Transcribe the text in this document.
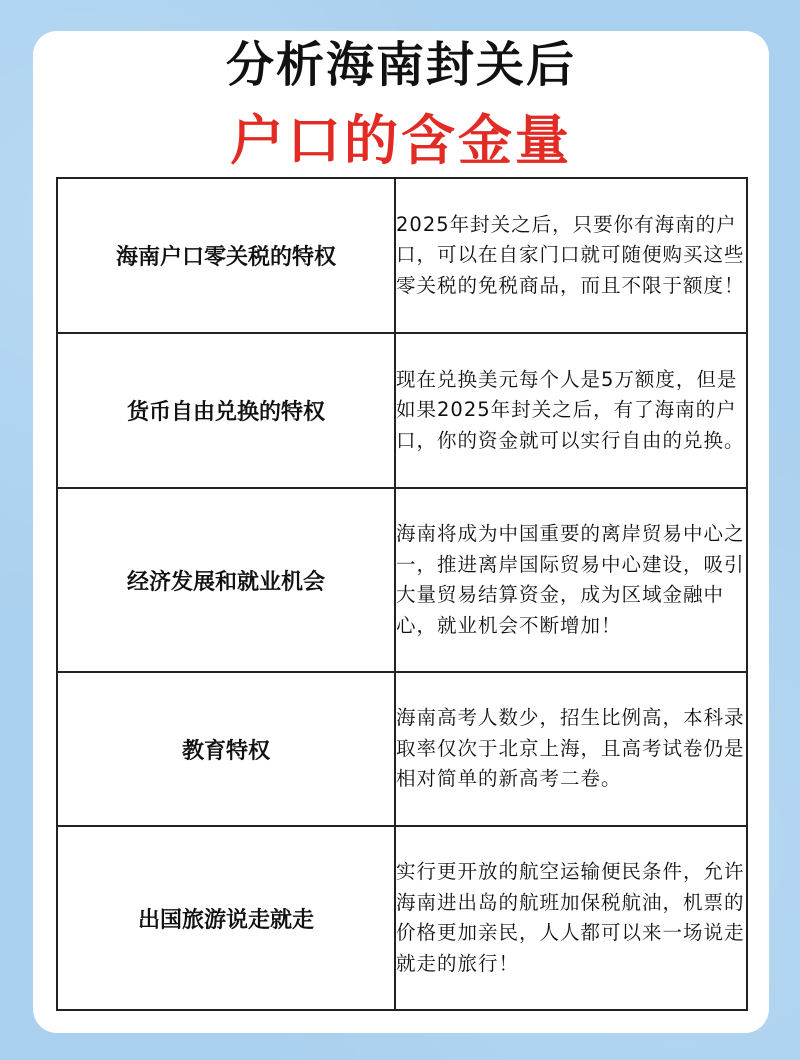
分析海南封关后
户口的含金量
海南户口零关税的特权	2025年封关之后，只要你有海南的户口，可以在自家门口就可随便购买这些零关税的免税商品，而且不限于额度！
货币自由兑换的特权	现在兑换美元每个人是5万额度，但是如果2025年封关之后，有了海南的户口，你的资金就可以实行自由的兑换。
经济发展和就业机会	海南将成为中国重要的离岸贸易中心之一，推进离岸国际贸易中心建设，吸引大量贸易结算资金，成为区域金融中心，就业机会不断增加！
教育特权	海南高考人数少，招生比例高，本科录取率仅次于北京上海，且高考试卷仍是相对简单的新高考二卷。
出国旅游说走就走	实行更开放的航空运输便民条件，允许海南进出岛的航班加保税航油，机票的价格更加亲民，人人都可以来一场说走就走的旅行！
